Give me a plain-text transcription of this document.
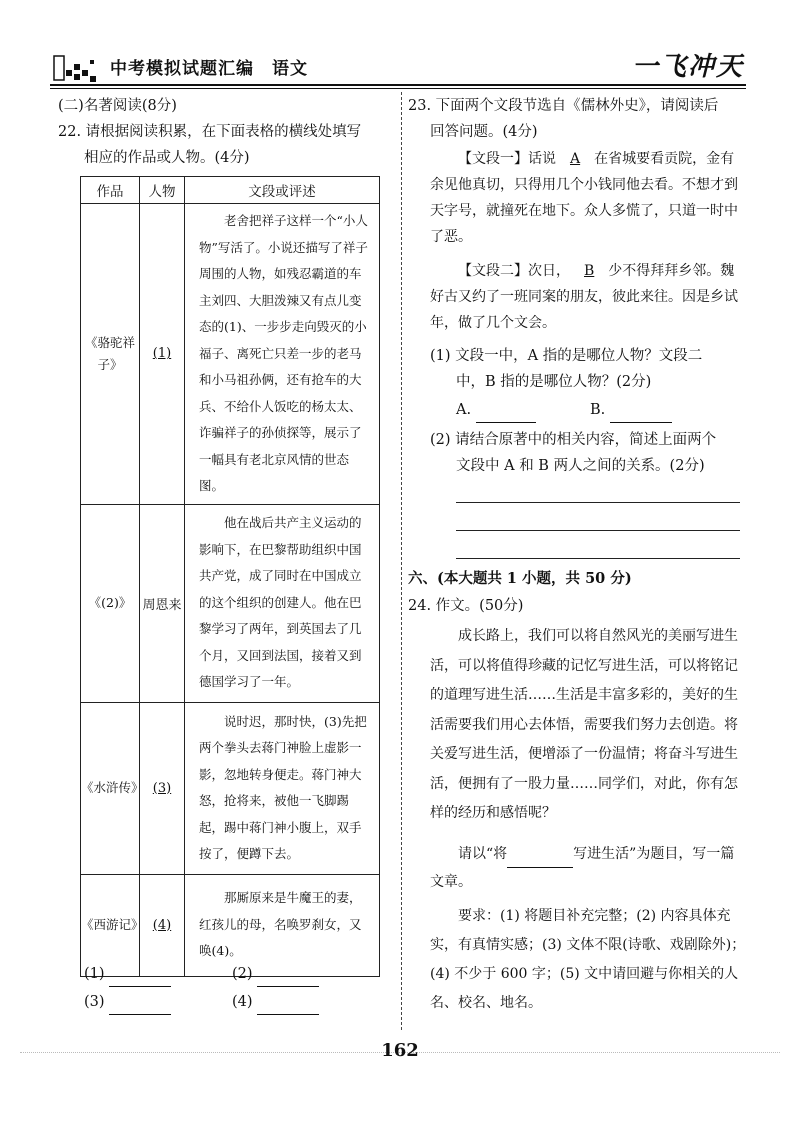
中考模拟试题汇编　语文	一飞冲天
(二)名著阅读(8分)
22. 请根据阅读积累，在下面表格的横线处填写
相应的作品或人物。(4分)
作品	人物	文段或评述
《骆驼祥子》	(1)	老舍把祥子这样一个“小人物”写活了。小说还描写了祥子周围的人物，如残忍霸道的车主刘四、大胆泼辣又有点儿变态的(1)、一步步走向毁灭的小福子、离死亡只差一步的老马和小马祖孙俩，还有抢车的大兵、不给仆人饭吃的杨太太、诈骗祥子的孙侦探等，展示了一幅具有老北京风情的世态图。
《(2)》	周恩来	他在战后共产主义运动的影响下，在巴黎帮助组织中国共产党，成了同时在中国成立的这个组织的创建人。他在巴黎学习了两年，到英国去了几个月，又回到法国，接着又到德国学习了一年。
《水浒传》	(3)	说时迟，那时快，(3)先把两个拳头去蒋门神脸上虚影一影，忽地转身便走。蒋门神大怒，抢将来，被他一飞脚踢起，踢中蒋门神小腹上，双手按了，便蹲下去。
《西游记》	(4)	那厮原来是牛魔王的妻，红孩儿的母，名唤罗刹女，又唤(4)。
(1)	(2)
(3)	(4)
23. 下面两个文段节选自《儒林外史》，请阅读后
回答问题。(4分)
【文段一】话说 A 在省城要看贡院，金有余见他真切，只得用几个小钱同他去看。不想才到天字号，就撞死在地下。众人多慌了，只道一时中了恶。
【文段二】次日， B 少不得拜拜乡邻。魏好古又约了一班同案的朋友，彼此来往。因是乡试年，做了几个文会。
(1) 文段一中，A 指的是哪位人物？文段二
中，B 指的是哪位人物？(2分)
A.	B.
(2) 请结合原著中的相关内容，简述上面两个
文段中 A 和 B 两人之间的关系。(2分)
六、(本大题共 1 小题，共 50 分)
24. 作文。(50分)
成长路上，我们可以将自然风光的美丽写进生活，可以将值得珍藏的记忆写进生活，可以将铭记的道理写进生活……生活是丰富多彩的，美好的生活需要我们用心去体悟，需要我们努力去创造。将关爱写进生活，便增添了一份温情；将奋斗写进生活，便拥有了一股力量……同学们，对此，你有怎样的经历和感悟呢？
请以“将	写进生活”为题目，写一篇文章。
要求：(1) 将题目补充完整；(2) 内容具体充实，有真情实感；(3) 文体不限(诗歌、戏剧除外)；(4) 不少于 600 字；(5) 文中请回避与你相关的人名、校名、地名。
162
